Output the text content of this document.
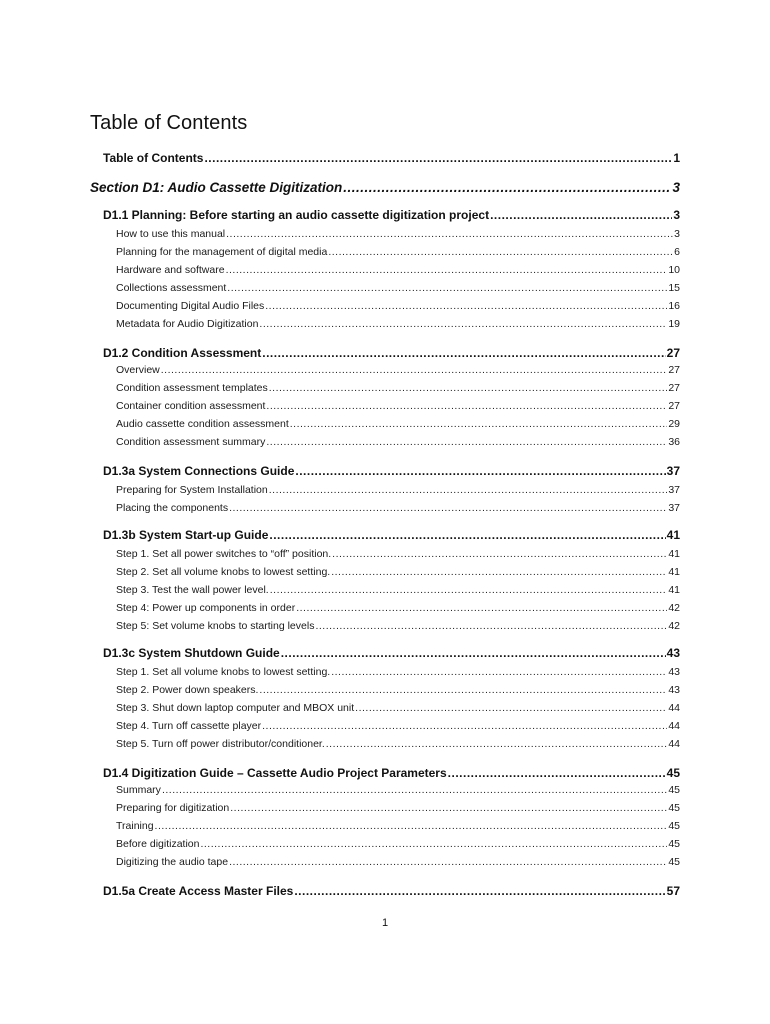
Table of Contents
Table of Contents .....	1
Section D1: Audio Cassette Digitization .....	3
D1.1 Planning: Before starting an audio cassette digitization project .....	3
How to use this manual .....	3
Planning for the management of digital media .....	6
Hardware and software .....	10
Collections assessment .....	15
Documenting Digital Audio Files .....	16
Metadata for Audio Digitization .....	19
D1.2 Condition Assessment .....	27
Overview .....	27
Condition assessment templates .....	27
Container condition assessment .....	27
Audio cassette condition assessment .....	29
Condition assessment summary .....	36
D1.3a System Connections Guide .....	37
Preparing for System Installation .....	37
Placing the components .....	37
D1.3b System Start-up Guide .....	41
Step 1. Set all power switches to “off” position. .....	41
Step 2. Set all volume knobs to lowest setting. .....	41
Step 3. Test the wall power level. .....	41
Step 4: Power up components in order .....	42
Step 5: Set volume knobs to starting levels .....	42
D1.3c System Shutdown Guide .....	43
Step 1. Set all volume knobs to lowest setting. .....	43
Step 2. Power down speakers. .....	43
Step 3. Shut down laptop computer and MBOX unit .....	44
Step 4. Turn off cassette player .....	44
Step 5. Turn off power distributor/conditioner. .....	44
D1.4 Digitization Guide – Cassette Audio Project Parameters .....	45
Summary .....	45
Preparing for digitization .....	45
Training .....	45
Before digitization .....	45
Digitizing the audio tape .....	45
D1.5a Create Access Master Files .....	57
1
